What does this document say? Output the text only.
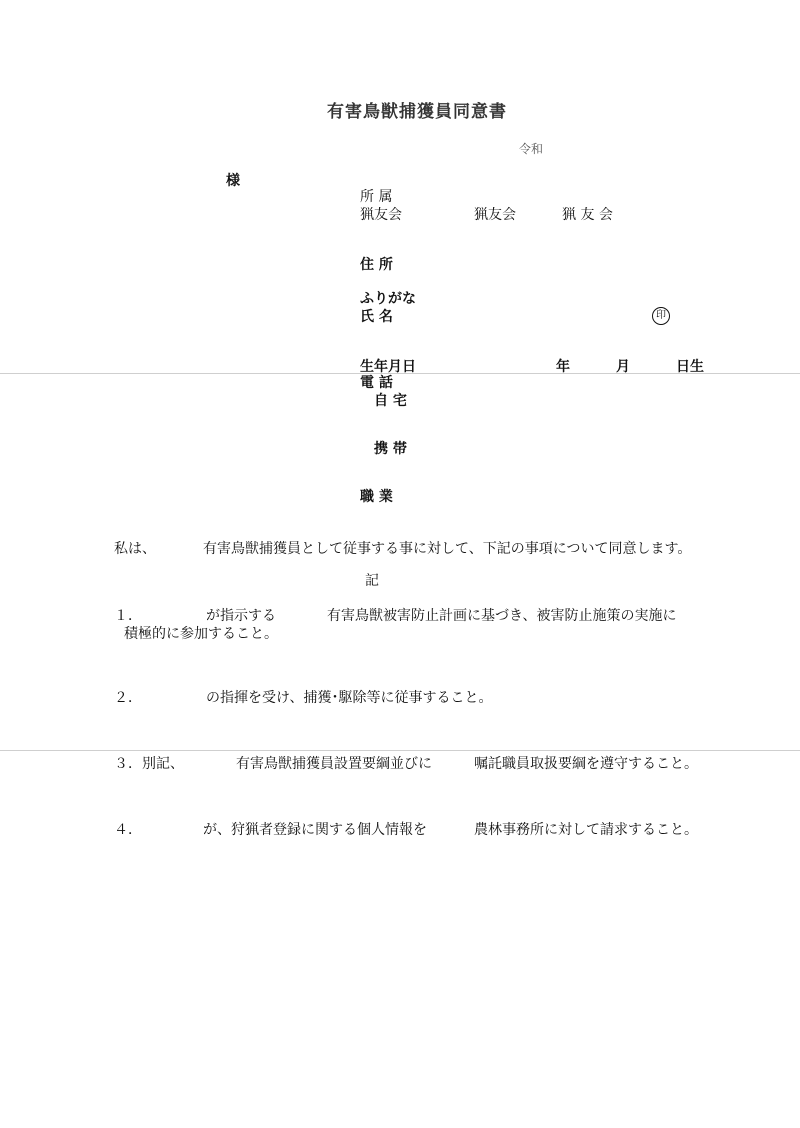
有害鳥獣捕獲員同意書
令和
様
所 属
猟友会	猟友会	猟 友 会
住 所
ふりがな
氏 名	印
生年月日	年	月	日生
電 話
自 宅
携 帯
職 業
私は、	有害鳥獣捕獲員として従事する事に対して、下記の事項について同意します。
記
１．	が指示する	有害鳥獣被害防止計画に基づき、被害防止施策の実施に
積極的に参加すること。
２．	の指揮を受け、捕獲･駆除等に従事すること。
３．別記、	有害鳥獣捕獲員設置要綱並びに	嘱託職員取扱要綱を遵守すること。
４．	が、狩猟者登録に関する個人情報を	農林事務所に対して請求すること。
